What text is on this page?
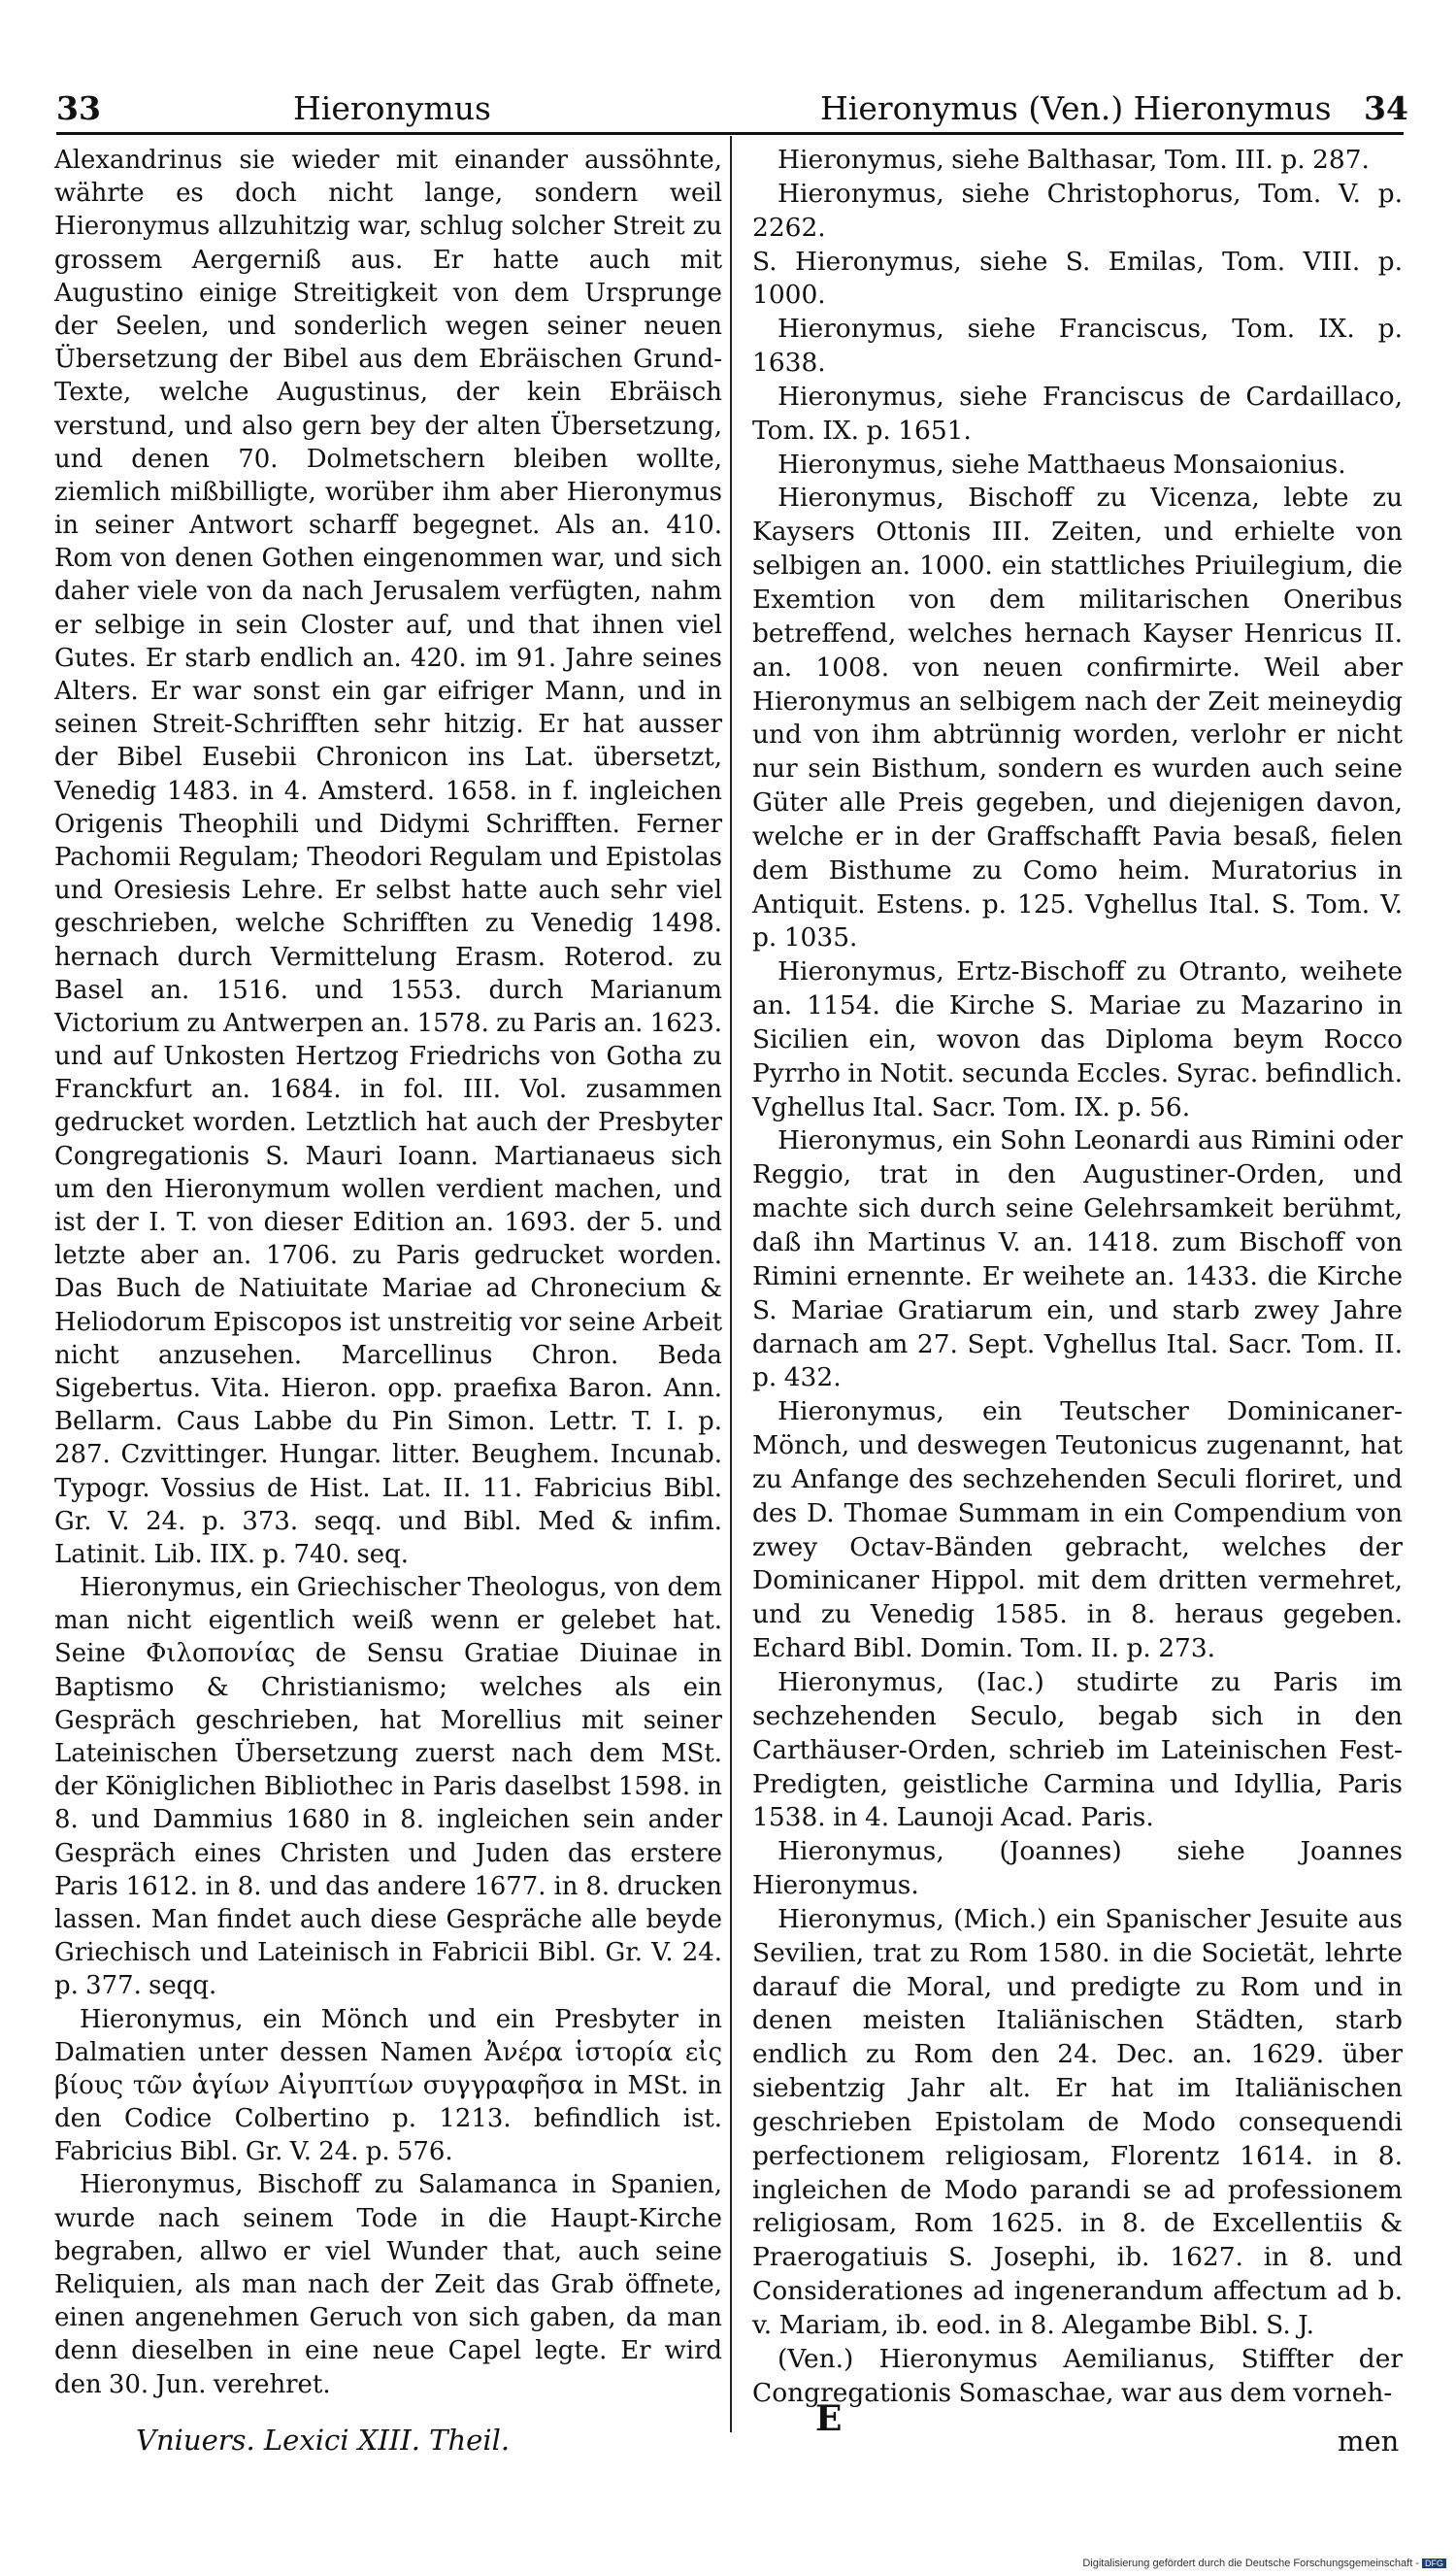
33	Hieronymus	Hieronymus (Ven.) Hieronymus 34

Alexandrinus sie wieder mit einander aussöhnte, währte es doch nicht lange, sondern weil Hieronymus allzuhitzig war, schlug solcher Streit zu grossem Aergerniß aus. Er hatte auch mit Augustino einige Streitigkeit von dem Ursprunge der Seelen, und sonderlich wegen seiner neuen Übersetzung der Bibel aus dem Ebräischen Grund-Texte, welche Augustinus, der kein Ebräisch verstund, und also gern bey der alten Übersetzung, und denen 70. Dolmetschern bleiben wollte, ziemlich mißbilligte, worüber ihm aber Hieronymus in seiner Antwort scharff begegnet. Als an. 410. Rom von denen Gothen eingenommen war, und sich daher viele von da nach Jerusalem verfügten, nahm er selbige in sein Closter auf, und that ihnen viel Gutes. Er starb endlich an. 420. im 91. Jahre seines Alters. Er war sonst ein gar eifriger Mann, und in seinen Streit-Schrifften sehr hitzig. Er hat ausser der Bibel Eusebii Chronicon ins Lat. übersetzt, Venedig 1483. in 4. Amsterd. 1658. in f. ingleichen Origenis Theophili und Didymi Schrifften. Ferner Pachomii Regulam; Theodori Regulam und Epistolas und Oresiesis Lehre. Er selbst hatte auch sehr viel geschrieben, welche Schrifften zu Venedig 1498. hernach durch Vermittelung Erasm. Roterod. zu Basel an. 1516. und 1553. durch Marianum Victorium zu Antwerpen an. 1578. zu Paris an. 1623. und auf Unkosten Hertzog Friedrichs von Gotha zu Franckfurt an. 1684. in fol. III. Vol. zusammen gedrucket worden. Letztlich hat auch der Presbyter Congregationis S. Mauri Ioann. Martianaeus sich um den Hieronymum wollen verdient machen, und ist der I. T. von dieser Edition an. 1693. der 5. und letzte aber an. 1706. zu Paris gedrucket worden. Das Buch de Natiuitate Mariae ad Chronecium & Heliodorum Episcopos ist unstreitig vor seine Arbeit nicht anzusehen. Marcellinus Chron. Beda Sigebertus. Vita. Hieron. opp. praefixa Baron. Ann. Bellarm. Caus Labbe du Pin Simon. Lettr. T. I. p. 287. Czvittinger. Hungar. litter. Beughem. Incunab. Typogr. Vossius de Hist. Lat. II. 11. Fabricius Bibl. Gr. V. 24. p. 373. seqq. und Bibl. Med & infim. Latinit. Lib. IIX. p. 740. seq.

Hieronymus, ein Griechischer Theologus, von dem man nicht eigentlich weiß wenn er gelebet hat. Seine Φιλοπονίας de Sensu Gratiae Diuinae in Baptismo & Christianismo; welches als ein Gespräch geschrieben, hat Morellius mit seiner Lateinischen Übersetzung zuerst nach dem MSt. der Königlichen Bibliothec in Paris daselbst 1598. in 8. und Dammius 1680 in 8. ingleichen sein ander Gespräch eines Christen und Juden das erstere Paris 1612. in 8. und das andere 1677. in 8. drucken lassen. Man findet auch diese Gespräche alle beyde Griechisch und Lateinisch in Fabricii Bibl. Gr. V. 24. p. 377. seqq.

Hieronymus, ein Mönch und ein Presbyter in Dalmatien unter dessen Namen Ἀνέρα ἱστορία εἰς βίους τῶν ἁγίων Αἰγυπτίων συγγραφῆσα in MSt. in den Codice Colbertino p. 1213. befindlich ist. Fabricius Bibl. Gr. V. 24. p. 576.

Hieronymus, Bischoff zu Salamanca in Spanien, wurde nach seinem Tode in die Haupt-Kirche begraben, allwo er viel Wunder that, auch seine Reliquien, als man nach der Zeit das Grab öffnete, einen angenehmen Geruch von sich gaben, da man denn dieselben in eine neue Capel legte. Er wird den 30. Jun. verehret.

Hieronymus, siehe Balthasar, Tom. III. p. 287.

Hieronymus, siehe Christophorus, Tom. V. p. 2262.

S. Hieronymus, siehe S. Emilas, Tom. VIII. p. 1000.

Hieronymus, siehe Franciscus, Tom. IX. p. 1638.

Hieronymus, siehe Franciscus de Cardaillaco, Tom. IX. p. 1651.

Hieronymus, siehe Matthaeus Monsaionius.

Hieronymus, Bischoff zu Vicenza, lebte zu Kaysers Ottonis III. Zeiten, und erhielte von selbigen an. 1000. ein stattliches Priuilegium, die Exemtion von dem militarischen Oneribus betreffend, welches hernach Kayser Henricus II. an. 1008. von neuen confirmirte. Weil aber Hieronymus an selbigem nach der Zeit meineydig und von ihm abtrünnig worden, verlohr er nicht nur sein Bisthum, sondern es wurden auch seine Güter alle Preis gegeben, und diejenigen davon, welche er in der Graffschafft Pavia besaß, fielen dem Bisthume zu Como heim. Muratorius in Antiquit. Estens. p. 125. Vghellus Ital. S. Tom. V. p. 1035.

Hieronymus, Ertz-Bischoff zu Otranto, weihete an. 1154. die Kirche S. Mariae zu Mazarino in Sicilien ein, wovon das Diploma beym Rocco Pyrrho in Notit. secunda Eccles. Syrac. befindlich. Vghellus Ital. Sacr. Tom. IX. p. 56.

Hieronymus, ein Sohn Leonardi aus Rimini oder Reggio, trat in den Augustiner-Orden, und machte sich durch seine Gelehrsamkeit berühmt, daß ihn Martinus V. an. 1418. zum Bischoff von Rimini ernennte. Er weihete an. 1433. die Kirche S. Mariae Gratiarum ein, und starb zwey Jahre darnach am 27. Sept. Vghellus Ital. Sacr. Tom. II. p. 432.

Hieronymus, ein Teutscher Dominicaner-Mönch, und deswegen Teutonicus zugenannt, hat zu Anfange des sechzehenden Seculi floriret, und des D. Thomae Summam in ein Compendium von zwey Octav-Bänden gebracht, welches der Dominicaner Hippol. mit dem dritten vermehret, und zu Venedig 1585. in 8. heraus gegeben. Echard Bibl. Domin. Tom. II. p. 273.

Hieronymus, (Iac.) studirte zu Paris im sechzehenden Seculo, begab sich in den Carthäuser-Orden, schrieb im Lateinischen Fest-Predigten, geistliche Carmina und Idyllia, Paris 1538. in 4. Launoji Acad. Paris.

Hieronymus, (Joannes) siehe Joannes Hieronymus.

Hieronymus, (Mich.) ein Spanischer Jesuite aus Sevilien, trat zu Rom 1580. in die Societät, lehrte darauf die Moral, und predigte zu Rom und in denen meisten Italiänischen Städten, starb endlich zu Rom den 24. Dec. an. 1629. über siebentzig Jahr alt. Er hat im Italiänischen geschrieben Epistolam de Modo consequendi perfectionem religiosam, Florentz 1614. in 8. ingleichen de Modo parandi se ad professionem religiosam, Rom 1625. in 8. de Excellentiis & Praerogatiuis S. Josephi, ib. 1627. in 8. und Considerationes ad ingenerandum affectum ad b. v. Mariam, ib. eod. in 8. Alegambe Bibl. S. J.

(Ven.) Hieronymus Aemilianus, Stiffter der Congregationis Somaschae, war aus dem vorneh-

Vniuers. Lexici XIII. Theil.
E
men
Digitalisierung gefördert durch die Deutsche Forschungsgemeinschaft - DFG
